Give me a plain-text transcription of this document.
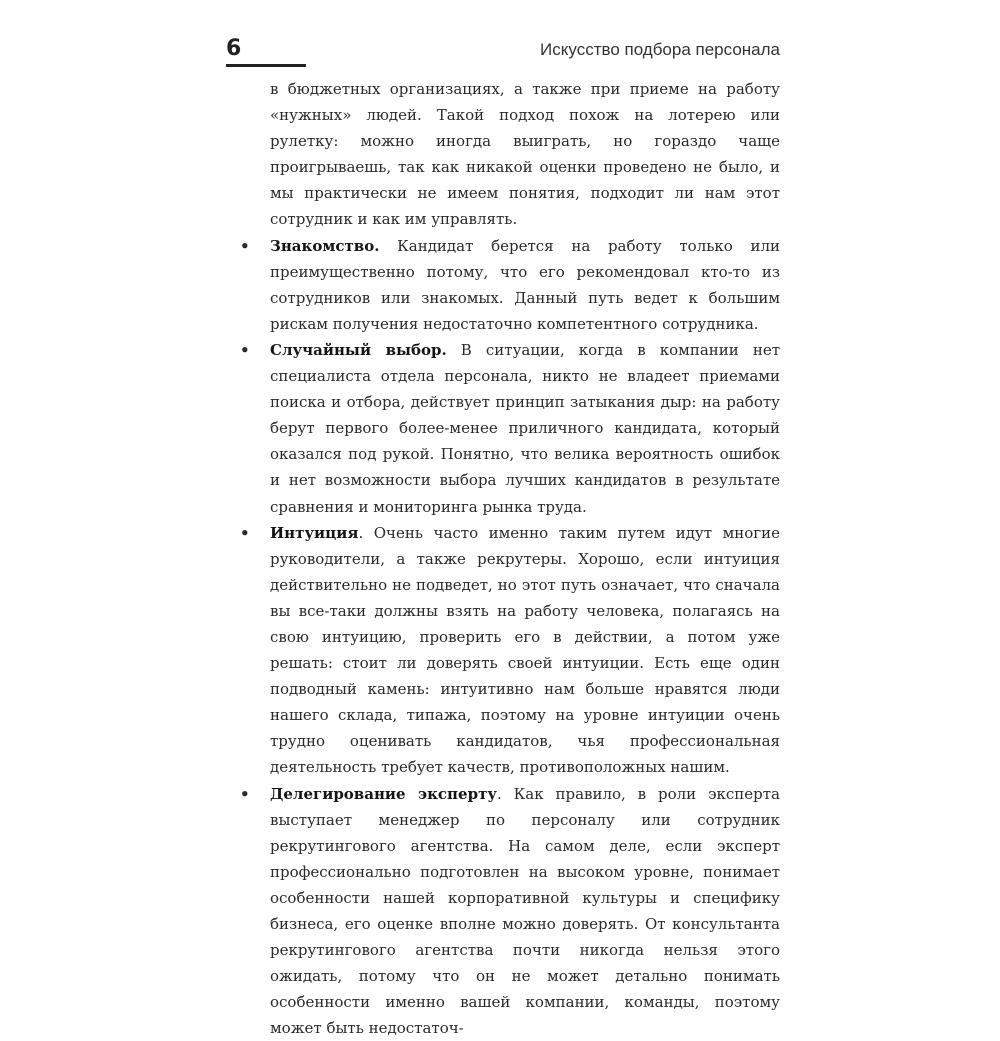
6	Искусство подбора персонала

в бюджетных организациях, а также при приеме на работу «нужных» людей. Такой подход похож на лотерею или рулетку: можно иногда выиграть, но гораздо чаще проигрываешь, так как никакой оценки проведено не было, и мы практически не имеем понятия, подходит ли нам этот сотрудник и как им управлять.

• Знакомство. Кандидат берется на работу только или преимущественно потому, что его рекомендовал кто-то из сотрудников или знакомых. Данный путь ведет к большим рискам получения недостаточно компетентного сотрудника.

• Случайный выбор. В ситуации, когда в компании нет специалиста отдела персонала, никто не владеет приемами поиска и отбора, действует принцип затыкания дыр: на работу берут первого более-менее приличного кандидата, который оказался под рукой. Понятно, что велика вероятность ошибок и нет возможности выбора лучших кандидатов в результате сравнения и мониторинга рынка труда.

• Интуиция. Очень часто именно таким путем идут многие руководители, а также рекрутеры. Хорошо, если интуиция действительно не подведет, но этот путь означает, что сначала вы все-таки должны взять на работу человека, полагаясь на свою интуицию, проверить его в действии, а потом уже решать: стоит ли доверять своей интуиции. Есть еще один подводный камень: интуитивно нам больше нравятся люди нашего склада, типажа, поэтому на уровне интуиции очень трудно оценивать кандидатов, чья профессиональная деятельность требует качеств, противоположных нашим.

• Делегирование эксперту. Как правило, в роли эксперта выступает менеджер по персоналу или сотрудник рекрутингового агентства. На самом деле, если эксперт профессионально подготовлен на высоком уровне, понимает особенности нашей корпоративной культуры и специфику бизнеса, его оценке вполне можно доверять. От консультанта рекрутингового агентства почти никогда нельзя этого ожидать, потому что он не может детально понимать особенности именно вашей компании, команды, поэтому может быть недостаточ-
